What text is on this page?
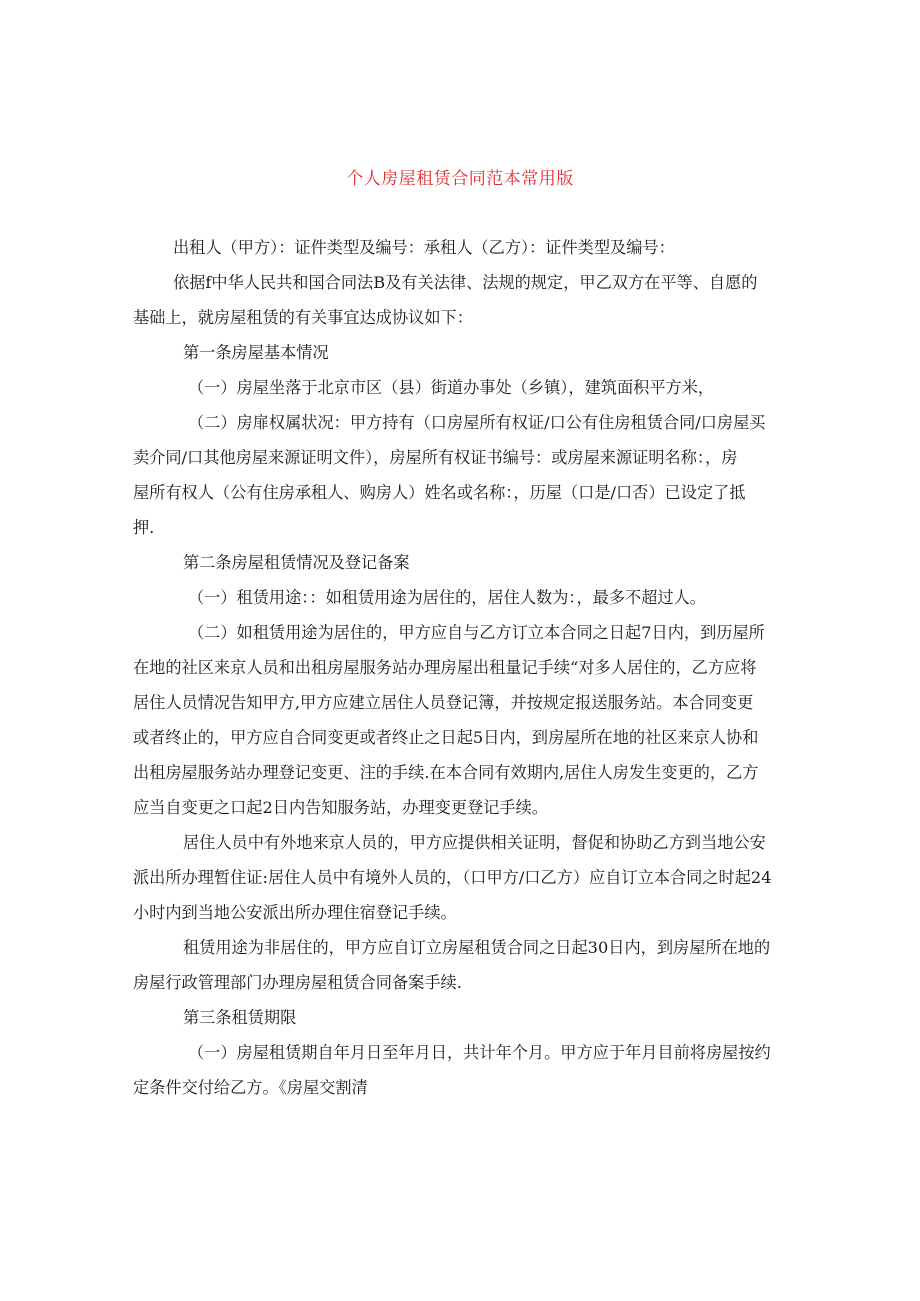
个人房屋租赁合同范本常用版

出租人（甲方）：证件类型及编号：承租人（乙方）：证件类型及编号：

依据f中华人民共和国合同法B及有关法律、法规的规定，甲乙双方在平等、自愿的

基础上，就房屋租赁的有关事宜达成协议如下：

第一条房屋基本情况

（一）房屋坐落于北京市区（县）街道办事处（乡镇），建筑面积平方米，

（二）房扉权属状况：甲方持有（口房屋所有权证/口公有住房租赁合同/口房屋买

卖介同/口其他房屋来源证明文件），房屋所有权证书编号：或房屋来源证明名称：，房

屋所有权人（公有住房承租人、购房人）姓名或名称：，历屋（口是/口否）已设定了抵

押.

第二条房屋租赁情况及登记备案

（一）租赁用途：：如租赁用途为居住的，居住人数为：，最多不超过人。

（二）如租赁用途为居住的，甲方应自与乙方订立本合同之日起7日内，到历屋所

在地的社区来京人员和出租房屋服务站办理房屋出租量记手续“对多人居住的，乙方应将

居住人员情况告知甲方,甲方应建立居住人员登记簿，并按规定报送服务站。本合同变更

或者终止的，甲方应自合同变更或者终止之日起5日内，到房屋所在地的社区来京人协和

出租房屋服务站办理登记变更、注的手续.在本合同有效期内,居住人房发生变更的，乙方

应当自变更之口起2日内告知服务站，办理变更登记手续。

居住人员中有外地来京人员的，甲方应提供相关证明，督促和协助乙方到当地公安

派出所办理暂住证:居住人员中有境外人员的，（口甲方/口乙方）应自订立本合同之时起24

小时内到当地公安派出所办理住宿登记手续。

租赁用途为非居住的，甲方应自订立房屋租赁合同之日起30日内，到房屋所在地的

房屋行政管理部门办理房屋租赁合同备案手续.

第三条租赁期限

（一）房屋租赁期自年月日至年月日，共计年个月。甲方应于年月目前将房屋按约

定条件交付给乙方。《房屋交割清
